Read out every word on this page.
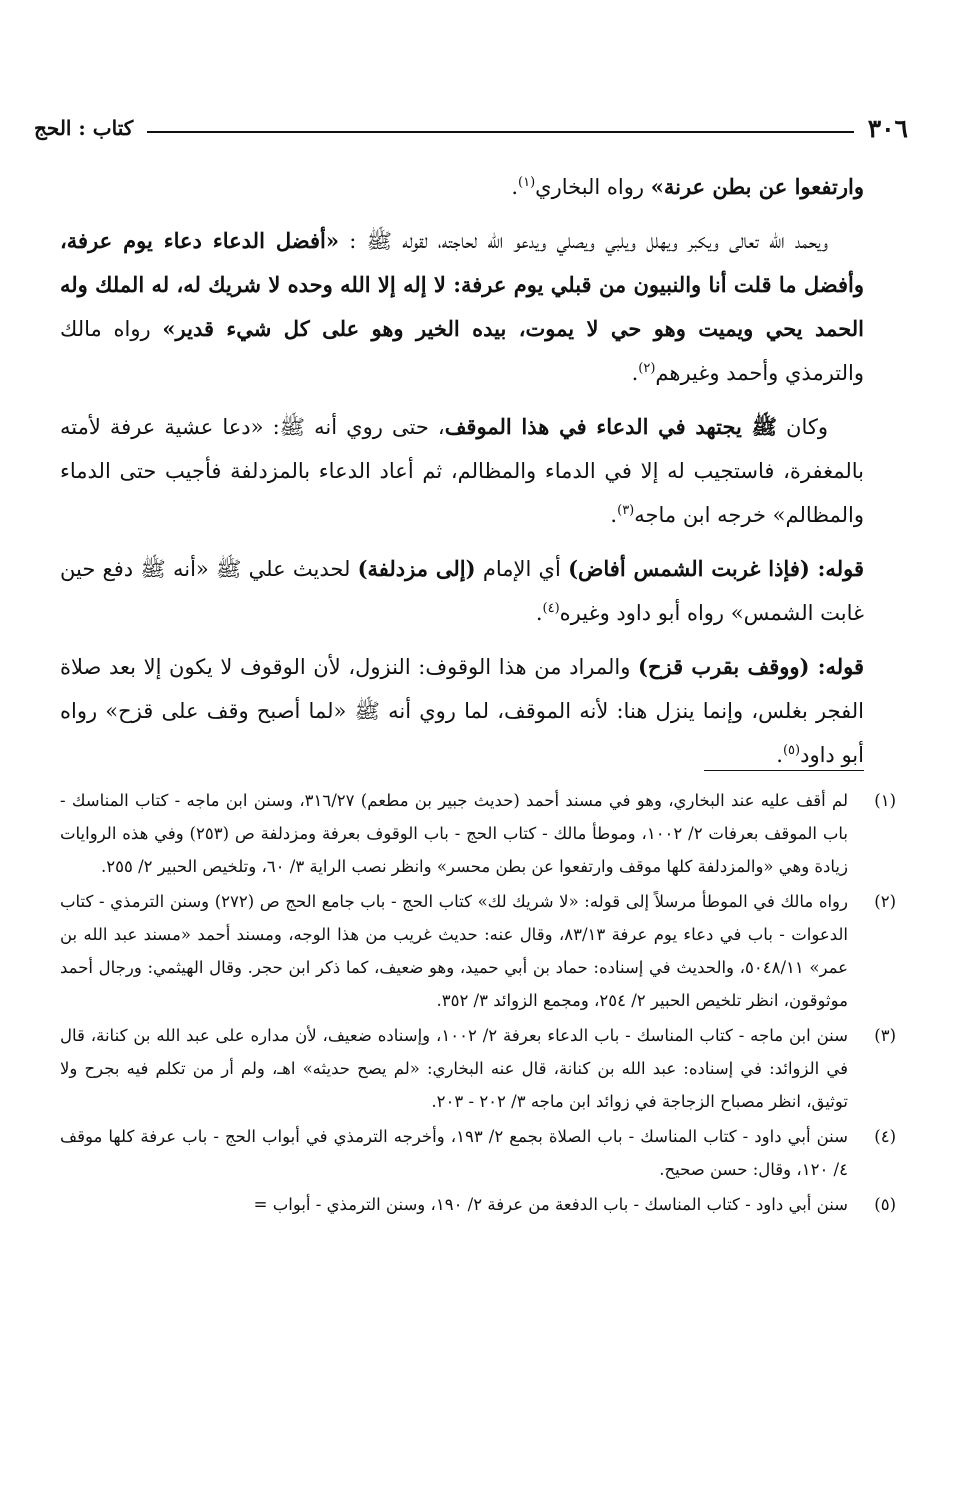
٣٠٦
كتاب : الحج

وارتفعوا عن بطن عرنة» رواه البخاري$^{(١)}$.

ويحمد الله تعالى ويكبر ويهلل ويلبي ويصلي ويدعو الله لحاجته، لقوله ﷺ : «أفضل الدعاء دعاء يوم عرفة، وأفضل ما قلت أنا والنبيون من قبلي يوم عرفة: لا إله إلا الله وحده لا شريك له، له الملك وله الحمد يحي ويميت وهو حي لا يموت، بيده الخير وهو على كل شيء قدير» رواه مالك والترمذي وأحمد وغيرهم$^{(٢)}$.

وكان ﷺ يجتهد في الدعاء في هذا الموقف، حتى روي أنه ﷺ: «دعا عشية عرفة لأمته بالمغفرة، فاستجيب له إلا في الدماء والمظالم، ثم أعاد الدعاء بالمزدلفة فأجيب حتى الدماء والمظالم» خرجه ابن ماجه$^{(٣)}$.

قوله: (فإذا غربت الشمس أفاض) أي الإمام (إلى مزدلفة) لحديث علي ﷺ «أنه ﷺ دفع حين غابت الشمس» رواه أبو داود وغيره$^{(٤)}$.

قوله: (ووقف بقرب قزح) والمراد من هذا الوقوف: النزول، لأن الوقوف لا يكون إلا بعد صلاة الفجر بغلس، وإنما ينزل هنا: لأنه الموقف، لما روي أنه ﷺ «لما أصبح وقف على قزح» رواه أبو داود$^{(٥)}$.

(١)
لم أقف عليه عند البخاري، وهو في مسند أحمد (حديث جبير بن مطعم) ٣١٦/٢٧، وسنن ابن ماجه - كتاب المناسك - باب الموقف بعرفات ٢/ ١٠٠٢، وموطأ مالك - كتاب الحج - باب الوقوف بعرفة ومزدلفة ص (٢٥٣) وفي هذه الروايات زيادة وهي «والمزدلفة كلها موقف وارتفعوا عن بطن محسر» وانظر نصب الراية ٣/ ٦٠، وتلخيص الحبير ٢/ ٢٥٥.
(٢)
رواه مالك في الموطأ مرسلاً إلى قوله: «لا شريك لك» كتاب الحج - باب جامع الحج ص (٢٧٢) وسنن الترمذي - كتاب الدعوات - باب في دعاء يوم عرفة ٨٣/١٣، وقال عنه: حديث غريب من هذا الوجه، ومسند أحمد «مسند عبد الله بن عمر» ٥٠٤٨/١١، والحديث في إسناده: حماد بن أبي حميد، وهو ضعيف، كما ذكر ابن حجر. وقال الهيثمي: ورجال أحمد موثوقون، انظر تلخيص الحبير ٢/ ٢٥٤، ومجمع الزوائد ٣/ ٣٥٢.
(٣)
سنن ابن ماجه - كتاب المناسك - باب الدعاء بعرفة ٢/ ١٠٠٢، وإسناده ضعيف، لأن مداره على عبد الله بن كنانة، قال في الزوائد: في إسناده: عبد الله بن كنانة، قال عنه البخاري: «لم يصح حديثه» اهـ، ولم أر من تكلم فيه بجرح ولا توثيق، انظر مصباح الزجاجة في زوائد ابن ماجه ٣/ ٢٠٢ - ٢٠٣.
(٤)
سنن أبي داود - كتاب المناسك - باب الصلاة بجمع ٢/ ١٩٣، وأخرجه الترمذي في أبواب الحج - باب عرفة كلها موقف ٤/ ١٢٠، وقال: حسن صحيح.
(٥)
سنن أبي داود - كتاب المناسك - باب الدفعة من عرفة ٢/ ١٩٠، وسنن الترمذي - أبواب =
